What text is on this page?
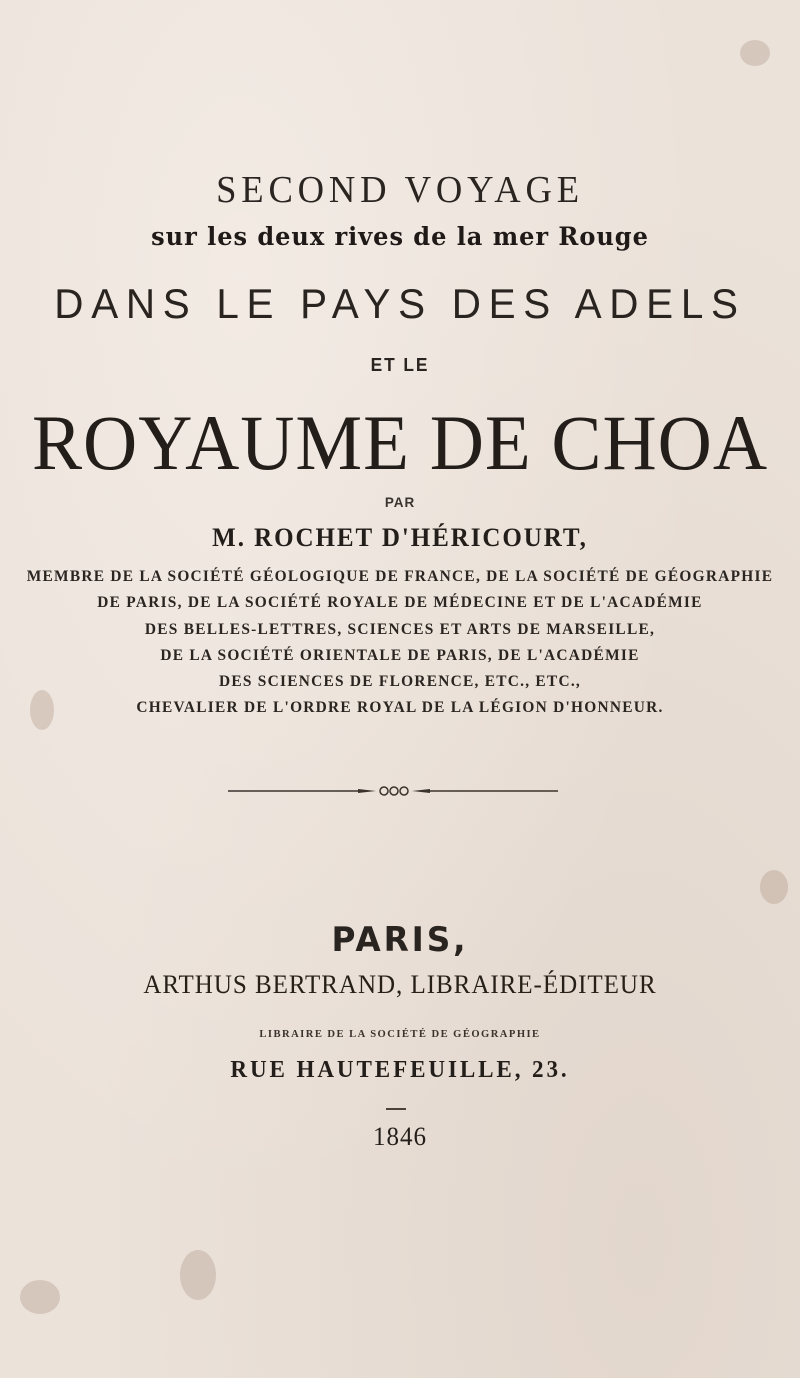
SECOND VOYAGE
sur les deux rives de la mer Rouge
DANS LE PAYS DES ADELS
ET LE
ROYAUME DE CHOA
PAR
M. ROCHET D'HÉRICOURT,
MEMBRE DE LA SOCIÉTÉ GÉOLOGIQUE DE FRANCE, DE LA SOCIÉTÉ DE GÉOGRAPHIE
DE PARIS, DE LA SOCIÉTÉ ROYALE DE MÉDECINE ET DE L'ACADÉMIE
DES BELLES-LETTRES, SCIENCES ET ARTS DE MARSEILLE,
DE LA SOCIÉTÉ ORIENTALE DE PARIS, DE L'ACADÉMIE
DES SCIENCES DE FLORENCE, ETC., ETC.,
CHEVALIER DE L'ORDRE ROYAL DE LA LÉGION D'HONNEUR.
PARIS,
ARTHUS BERTRAND, LIBRAIRE-ÉDITEUR
LIBRAIRE DE LA SOCIÉTÉ DE GÉOGRAPHIE
RUE HAUTEFEUILLE, 23.
1846
